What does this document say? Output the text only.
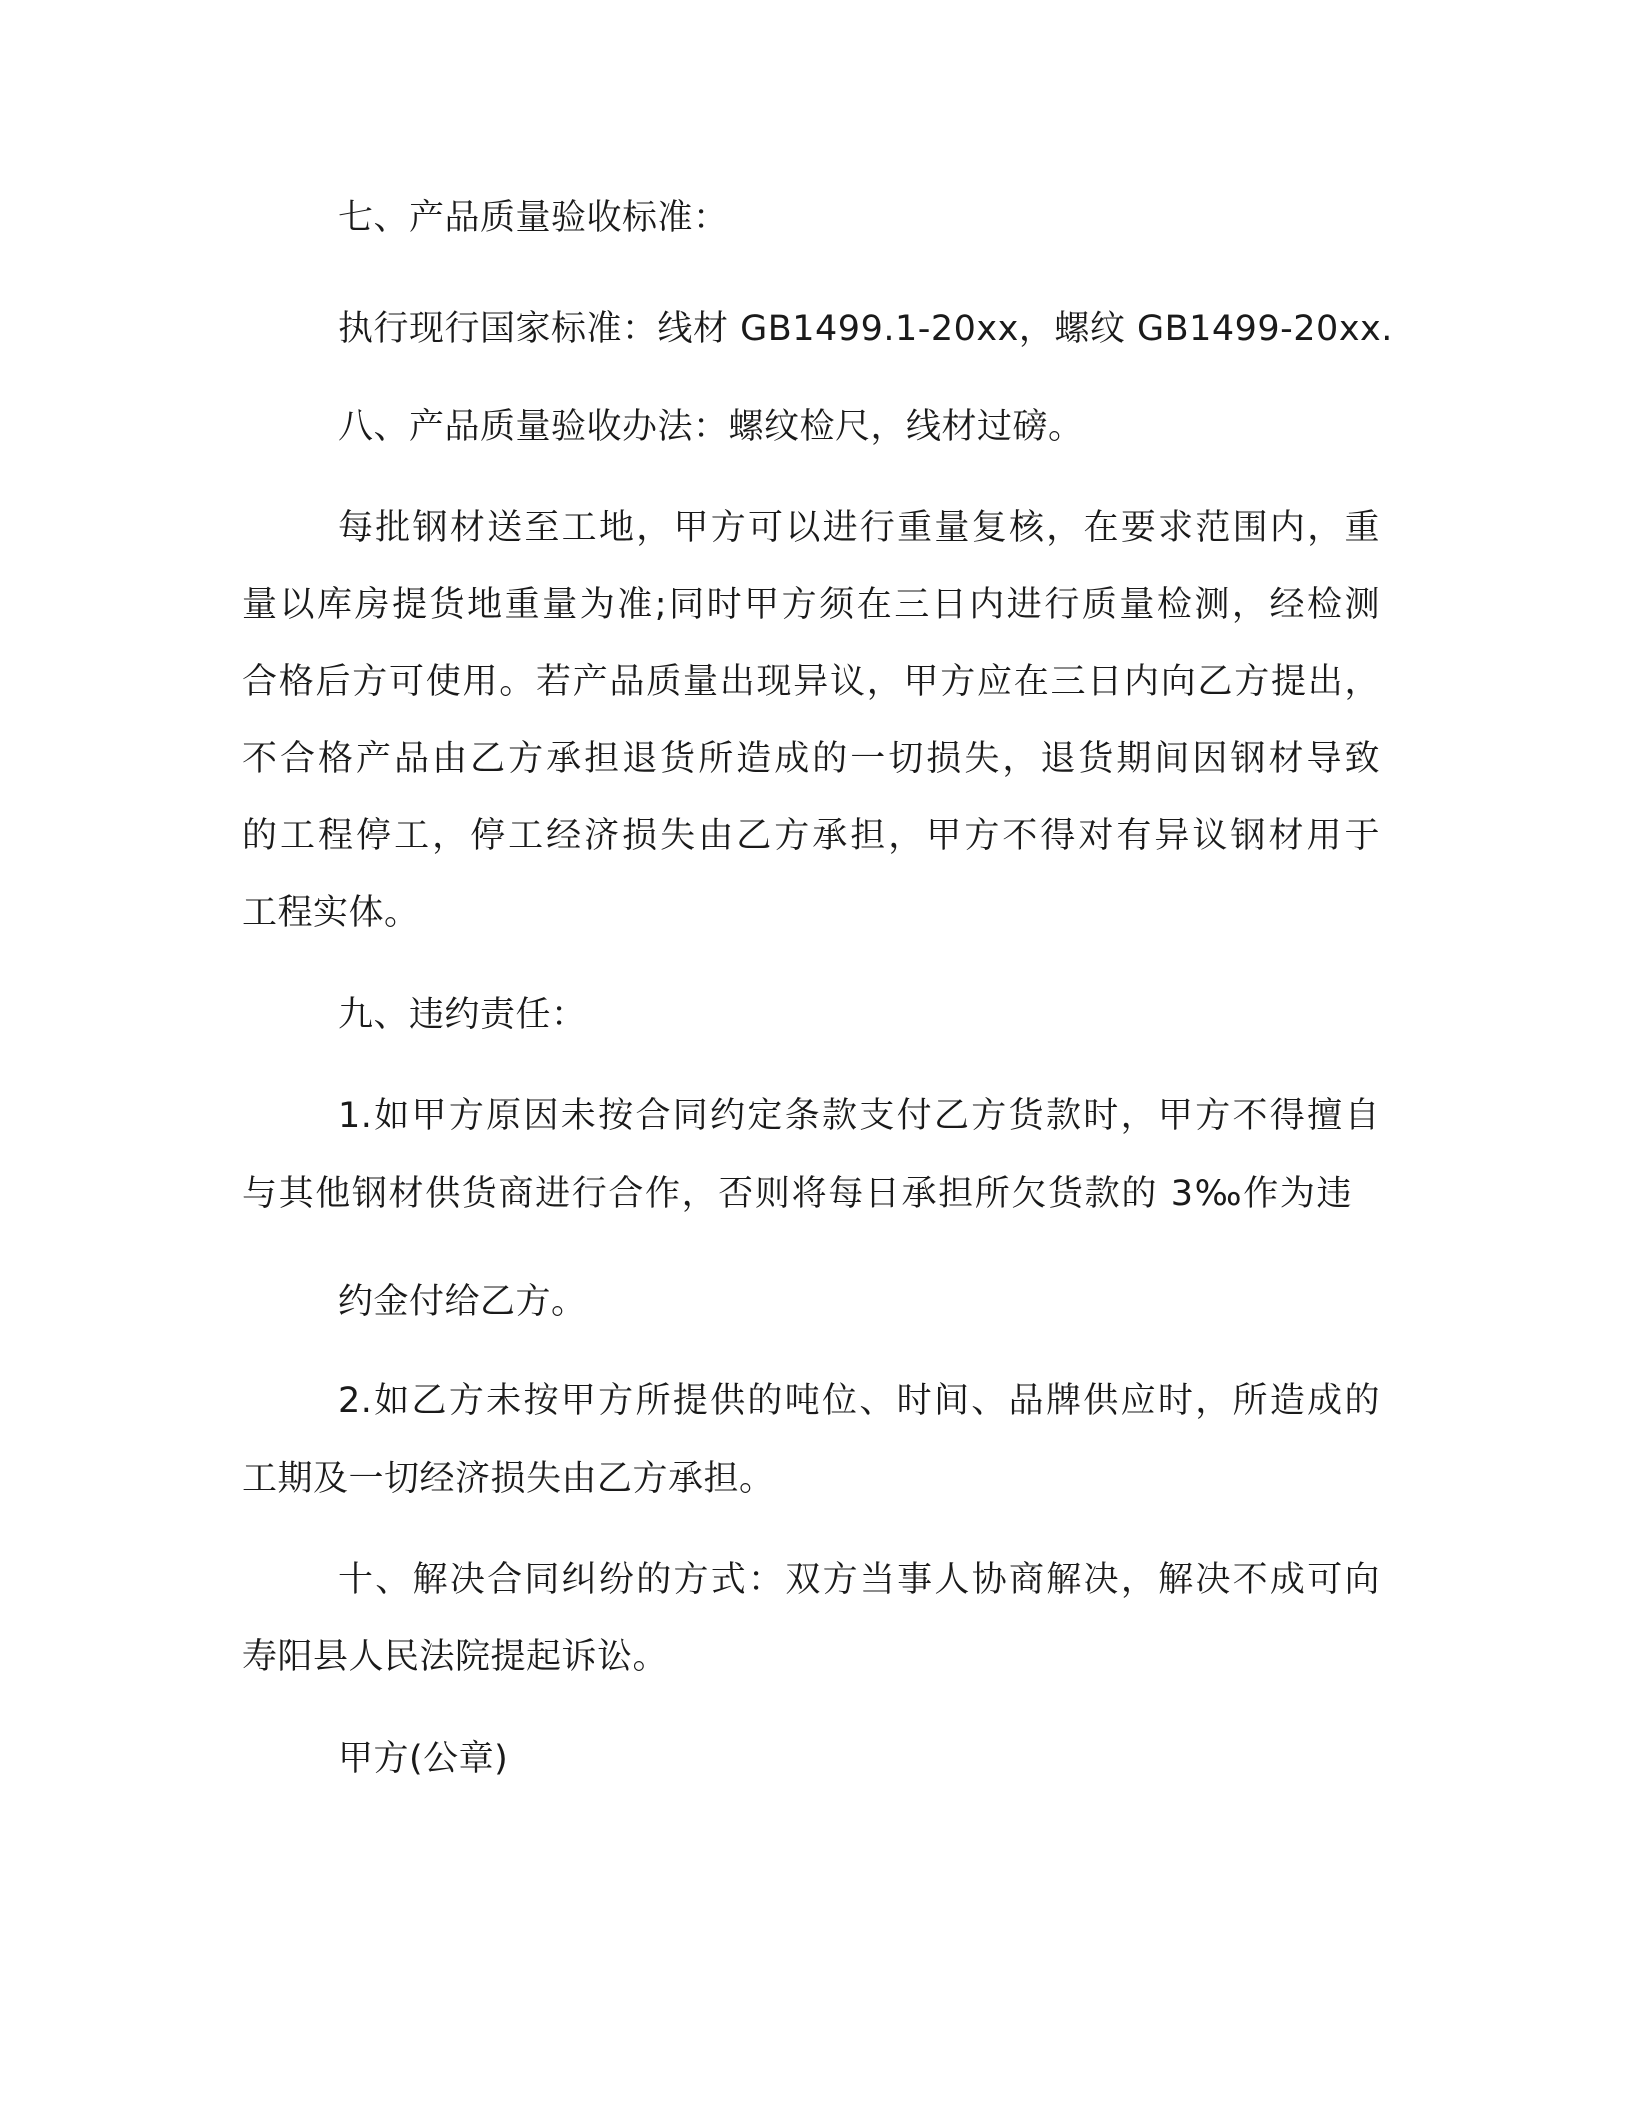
七、产品质量验收标准：
执行现行国家标准：线材 GB1499.1-20xx，螺纹 GB1499-20xx.
八、产品质量验收办法：螺纹检尺，线材过磅。
每批钢材送至工地，甲方可以进行重量复核，在要求范围内，重
量以库房提货地重量为准;同时甲方须在三日内进行质量检测，经检测
合格后方可使用。若产品质量出现异议，甲方应在三日内向乙方提出，
不合格产品由乙方承担退货所造成的一切损失，退货期间因钢材导致
的工程停工，停工经济损失由乙方承担，甲方不得对有异议钢材用于
工程实体。
九、违约责任：
1.如甲方原因未按合同约定条款支付乙方货款时，甲方不得擅自
与其他钢材供货商进行合作，否则将每日承担所欠货款的 3‰作为违
约金付给乙方。
2.如乙方未按甲方所提供的吨位、时间、品牌供应时，所造成的
工期及一切经济损失由乙方承担。
十、解决合同纠纷的方式：双方当事人协商解决，解决不成可向
寿阳县人民法院提起诉讼。
甲方(公章)
